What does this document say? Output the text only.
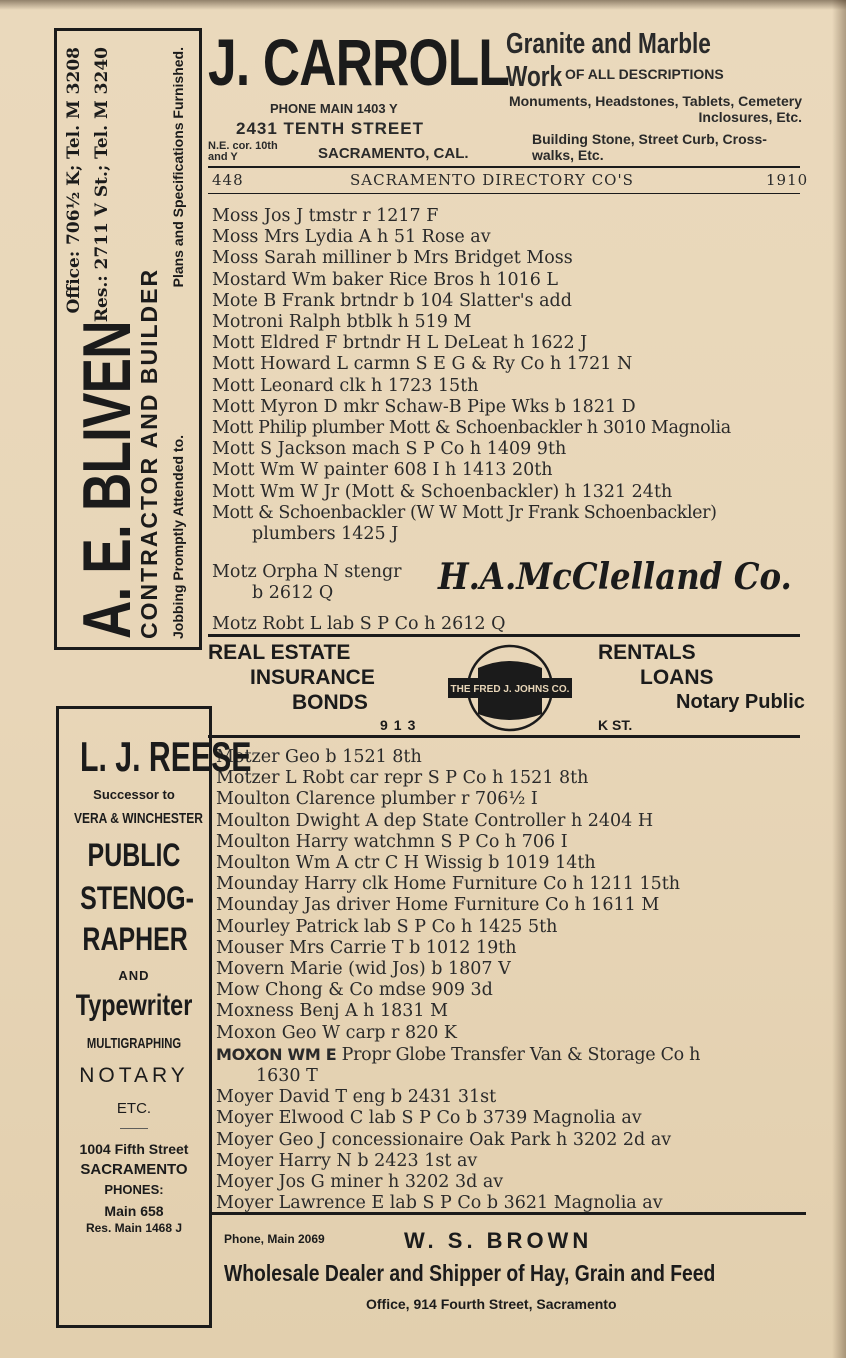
A. E. BLIVEN
CONTRACTOR AND BUILDER Jobbing Promptly Attended to.
Office: 706½ K; Tel. M 3208 Res.: 2711 V St.; Tel. M 3240	Plans and Specifications Furnished. J. CARROLL
PHONE MAIN 1403 Y
2431 TENTH STREET
N.E. cor. 10th
and Y	SACRAMENTO, CAL.
Granite and Marble Work OF ALL DESCRIPTIONS
Monuments, Headstones, Tablets, Cemetery Inclosures, Etc.
Building Stone, Street Curb, Cross-walks, Etc.
448	SACRAMENTO DIRECTORY CO'S	1910
Moss Jos J tmstr r 1217 F
Moss Mrs Lydia A h 51 Rose av
Moss Sarah milliner b Mrs Bridget Moss
Mostard Wm baker Rice Bros h 1016 L
Mote B Frank brtndr b 104 Slatter's add
Motroni Ralph btblk h 519 M
Mott Eldred F brtndr H L DeLeat h 1622 J
Mott Howard L carmn S E G & Ry Co h 1721 N
Mott Leonard clk h 1723 15th
Mott Myron D mkr Schaw-B Pipe Wks b 1821 D
Mott Philip plumber Mott & Schoenbackler h 3010 Magnolia
Mott S Jackson mach S P Co h 1409 9th
Mott Wm W painter 608 I h 1413 20th
Mott Wm W Jr (Mott & Schoenbackler) h 1321 24th
Mott & Schoenbackler (W W Mott Jr Frank Schoenbackler)
plumbers 1425 J
Motz Orpha N stengr
b 2612 Q	H.A.McClelland Co.
Motz Robt L lab S P Co h 2612 Q
REAL ESTATE
INSURANCE
BONDS
913
RENTALS
LOANS
Notary Public
K ST.
THE FRED J. JOHNS CO.
Motzer Geo b 1521 8th
Motzer L Robt car repr S P Co h 1521 8th
Moulton Clarence plumber r 706½ I
Moulton Dwight A dep State Controller h 2404 H
Moulton Harry watchmn S P Co h 706 I
Moulton Wm A ctr C H Wissig b 1019 14th
Mounday Harry clk Home Furniture Co h 1211 15th
Mounday Jas driver Home Furniture Co h 1611 M
Mourley Patrick lab S P Co h 1425 5th
Mouser Mrs Carrie T b 1012 19th
Movern Marie (wid Jos) b 1807 V
Mow Chong & Co mdse 909 3d
Moxness Benj A h 1831 M
Moxon Geo W carp r 820 K
MOXON WM E Propr Globe Transfer Van & Storage Co h
1630 T
Moyer David T eng b 2431 31st
Moyer Elwood C lab S P Co b 3739 Magnolia av
Moyer Geo J concessionaire Oak Park h 3202 2d av
Moyer Harry N b 2423 1st av
Moyer Jos G miner h 3202 3d av
Moyer Lawrence E lab S P Co b 3621 Magnolia av
L. J. REESE
Successor to
VERA & WINCHESTER
PUBLIC
STENOG-
RAPHER
AND
Typewriter
MULTIGRAPHING
NOTARY
ETC.
——
1004 Fifth Street
SACRAMENTO
PHONES:
Main 658
Res. Main 1468 J
Phone, Main 2069	W. S. BROWN
Wholesale Dealer and Shipper of Hay, Grain and Feed
Office, 914 Fourth Street, Sacramento
